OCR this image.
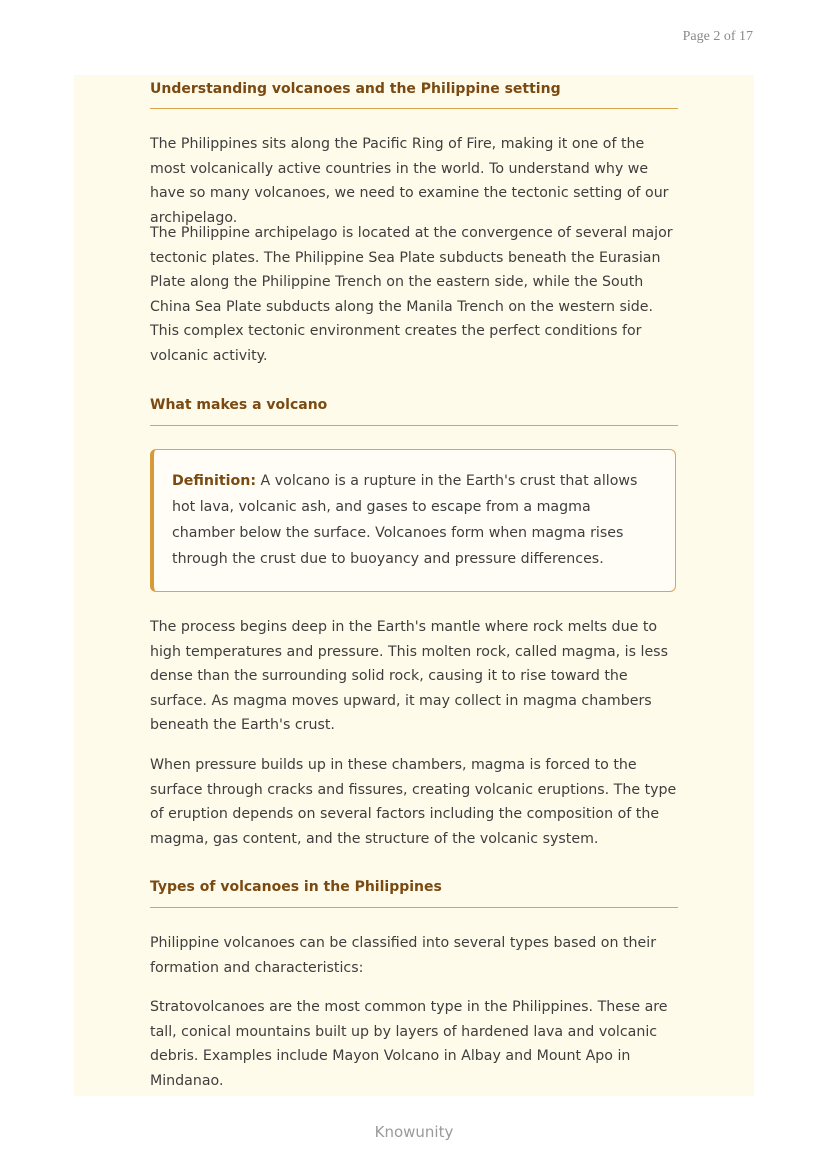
Page 2 of 17
Understanding volcanoes and the Philippine setting

The Philippines sits along the Pacific Ring of Fire, making it one of the most volcanically active countries in the world. To understand why we have so many volcanoes, we need to examine the tectonic setting of our archipelago.

The Philippine archipelago is located at the convergence of several major tectonic plates. The Philippine Sea Plate subducts beneath the Eurasian Plate along the Philippine Trench on the eastern side, while the South China Sea Plate subducts along the Manila Trench on the western side. This complex tectonic environment creates the perfect conditions for volcanic activity.

What makes a volcano

Definition: A volcano is a rupture in the Earth's crust that allows hot lava, volcanic ash, and gases to escape from a magma chamber below the surface. Volcanoes form when magma rises through the crust due to buoyancy and pressure differences.

The process begins deep in the Earth's mantle where rock melts due to high temperatures and pressure. This molten rock, called magma, is less dense than the surrounding solid rock, causing it to rise toward the surface. As magma moves upward, it may collect in magma chambers beneath the Earth's crust.

When pressure builds up in these chambers, magma is forced to the surface through cracks and fissures, creating volcanic eruptions. The type of eruption depends on several factors including the composition of the magma, gas content, and the structure of the volcanic system.

Types of volcanoes in the Philippines

Philippine volcanoes can be classified into several types based on their formation and characteristics:

Stratovolcanoes are the most common type in the Philippines. These are tall, conical mountains built up by layers of hardened lava and volcanic debris. Examples include Mayon Volcano in Albay and Mount Apo in Mindanao.

Knowunity
